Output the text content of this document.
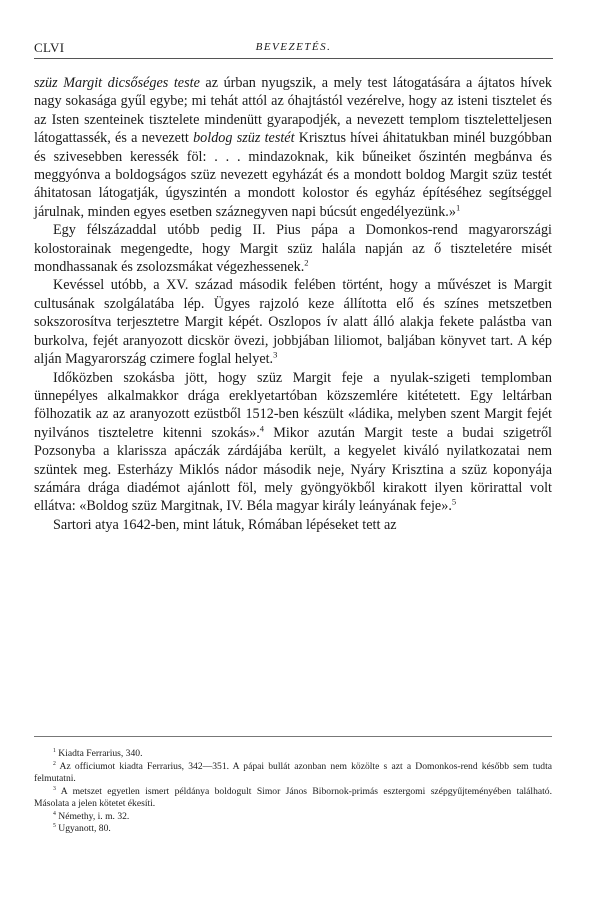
CLVI	BEVEZETÉS.

szüz Margit dicsőséges teste az úrban nyugszik, a mely test látogatására a ájtatos hívek nagy sokasága gyűl egybe; mi tehát attól az óhajtástól vezérelve, hogy az isteni tisztelet és az Isten szenteinek tisztelete mindenütt gyarapodjék, a nevezett templom tiszteletteljesen látogattassék, és a nevezett boldog szüz testét Krisztus hívei áhitatukban minél buzgóbban és szivesebben keressék föl: . . . mindazoknak, kik bűneiket őszintén megbánva és meggyónva a boldogságos szüz nevezett egyházát és a mondott boldog Margit szüz testét áhitatosan látogatják, úgyszintén a mondott kolostor és egyház építéséhez segítséggel járulnak, minden egyes esetben száznegyven napi búcsút engedélyezünk.»$^1$

Egy félszázaddal utóbb pedig II. Pius pápa a Domonkos-rend magyarországi kolostorainak megengedte, hogy Margit szüz halála napján az ő tiszteletére misét mondhassanak és zsolozsmákat végezhessenek.$^2$

Kevéssel utóbb, a XV. század második felében történt, hogy a művészet is Margit cultusának szolgálatába lép. Ügyes rajzoló keze állította elő és színes metszetben sokszorosítva terjesztetre Margit képét. Oszlopos ív alatt álló alakja fekete palástba van burkolva, fejét aranyozott dicskör övezi, jobbjában liliomot, baljában könyvet tart. A kép alján Magyarország czimere foglal helyet.$^3$

Időközben szokásba jött, hogy szüz Margit feje a nyulak-szigeti templomban ünnepélyes alkalmakkor drága ereklyetartóban közszemlére kitétetett. Egy leltárban fölhozatik az az aranyozott ezüstből 1512-ben készült «ládika, melyben szent Margit fejét nyilvános tiszteletre kitenni szokás».$^4$ Mikor azután Margit teste a budai szigetről Pozsonyba a klarissza apáczák zárdájába került, a kegyelet kiváló nyilatkozatai nem szüntek meg. Esterházy Miklós nádor második neje, Nyáry Krisztina a szüz koponyája számára drága diadémot ajánlott föl, mely gyöngyökből kirakott ilyen körirattal volt ellátva: «Boldog szüz Margitnak, IV. Béla magyar király leányának feje».$^5$

Sartori atya 1642-ben, mint látuk, Rómában lépéseket tett az

$^1$ Kiadta Ferrarius, 340.

$^2$ Az officiumot kiadta Ferrarius, 342—351. A pápai bullát azonban nem közölte s azt a Domonkos-rend később sem tudta felmutatni.

$^3$ A metszet egyetlen ismert példánya boldogult Simor János Bibornok-primás esztergomi szépgyűjteményében található. Másolata a jelen kötetet ékesíti.

$^4$ Némethy, i. m. 32.

$^5$ Ugyanott, 80.
